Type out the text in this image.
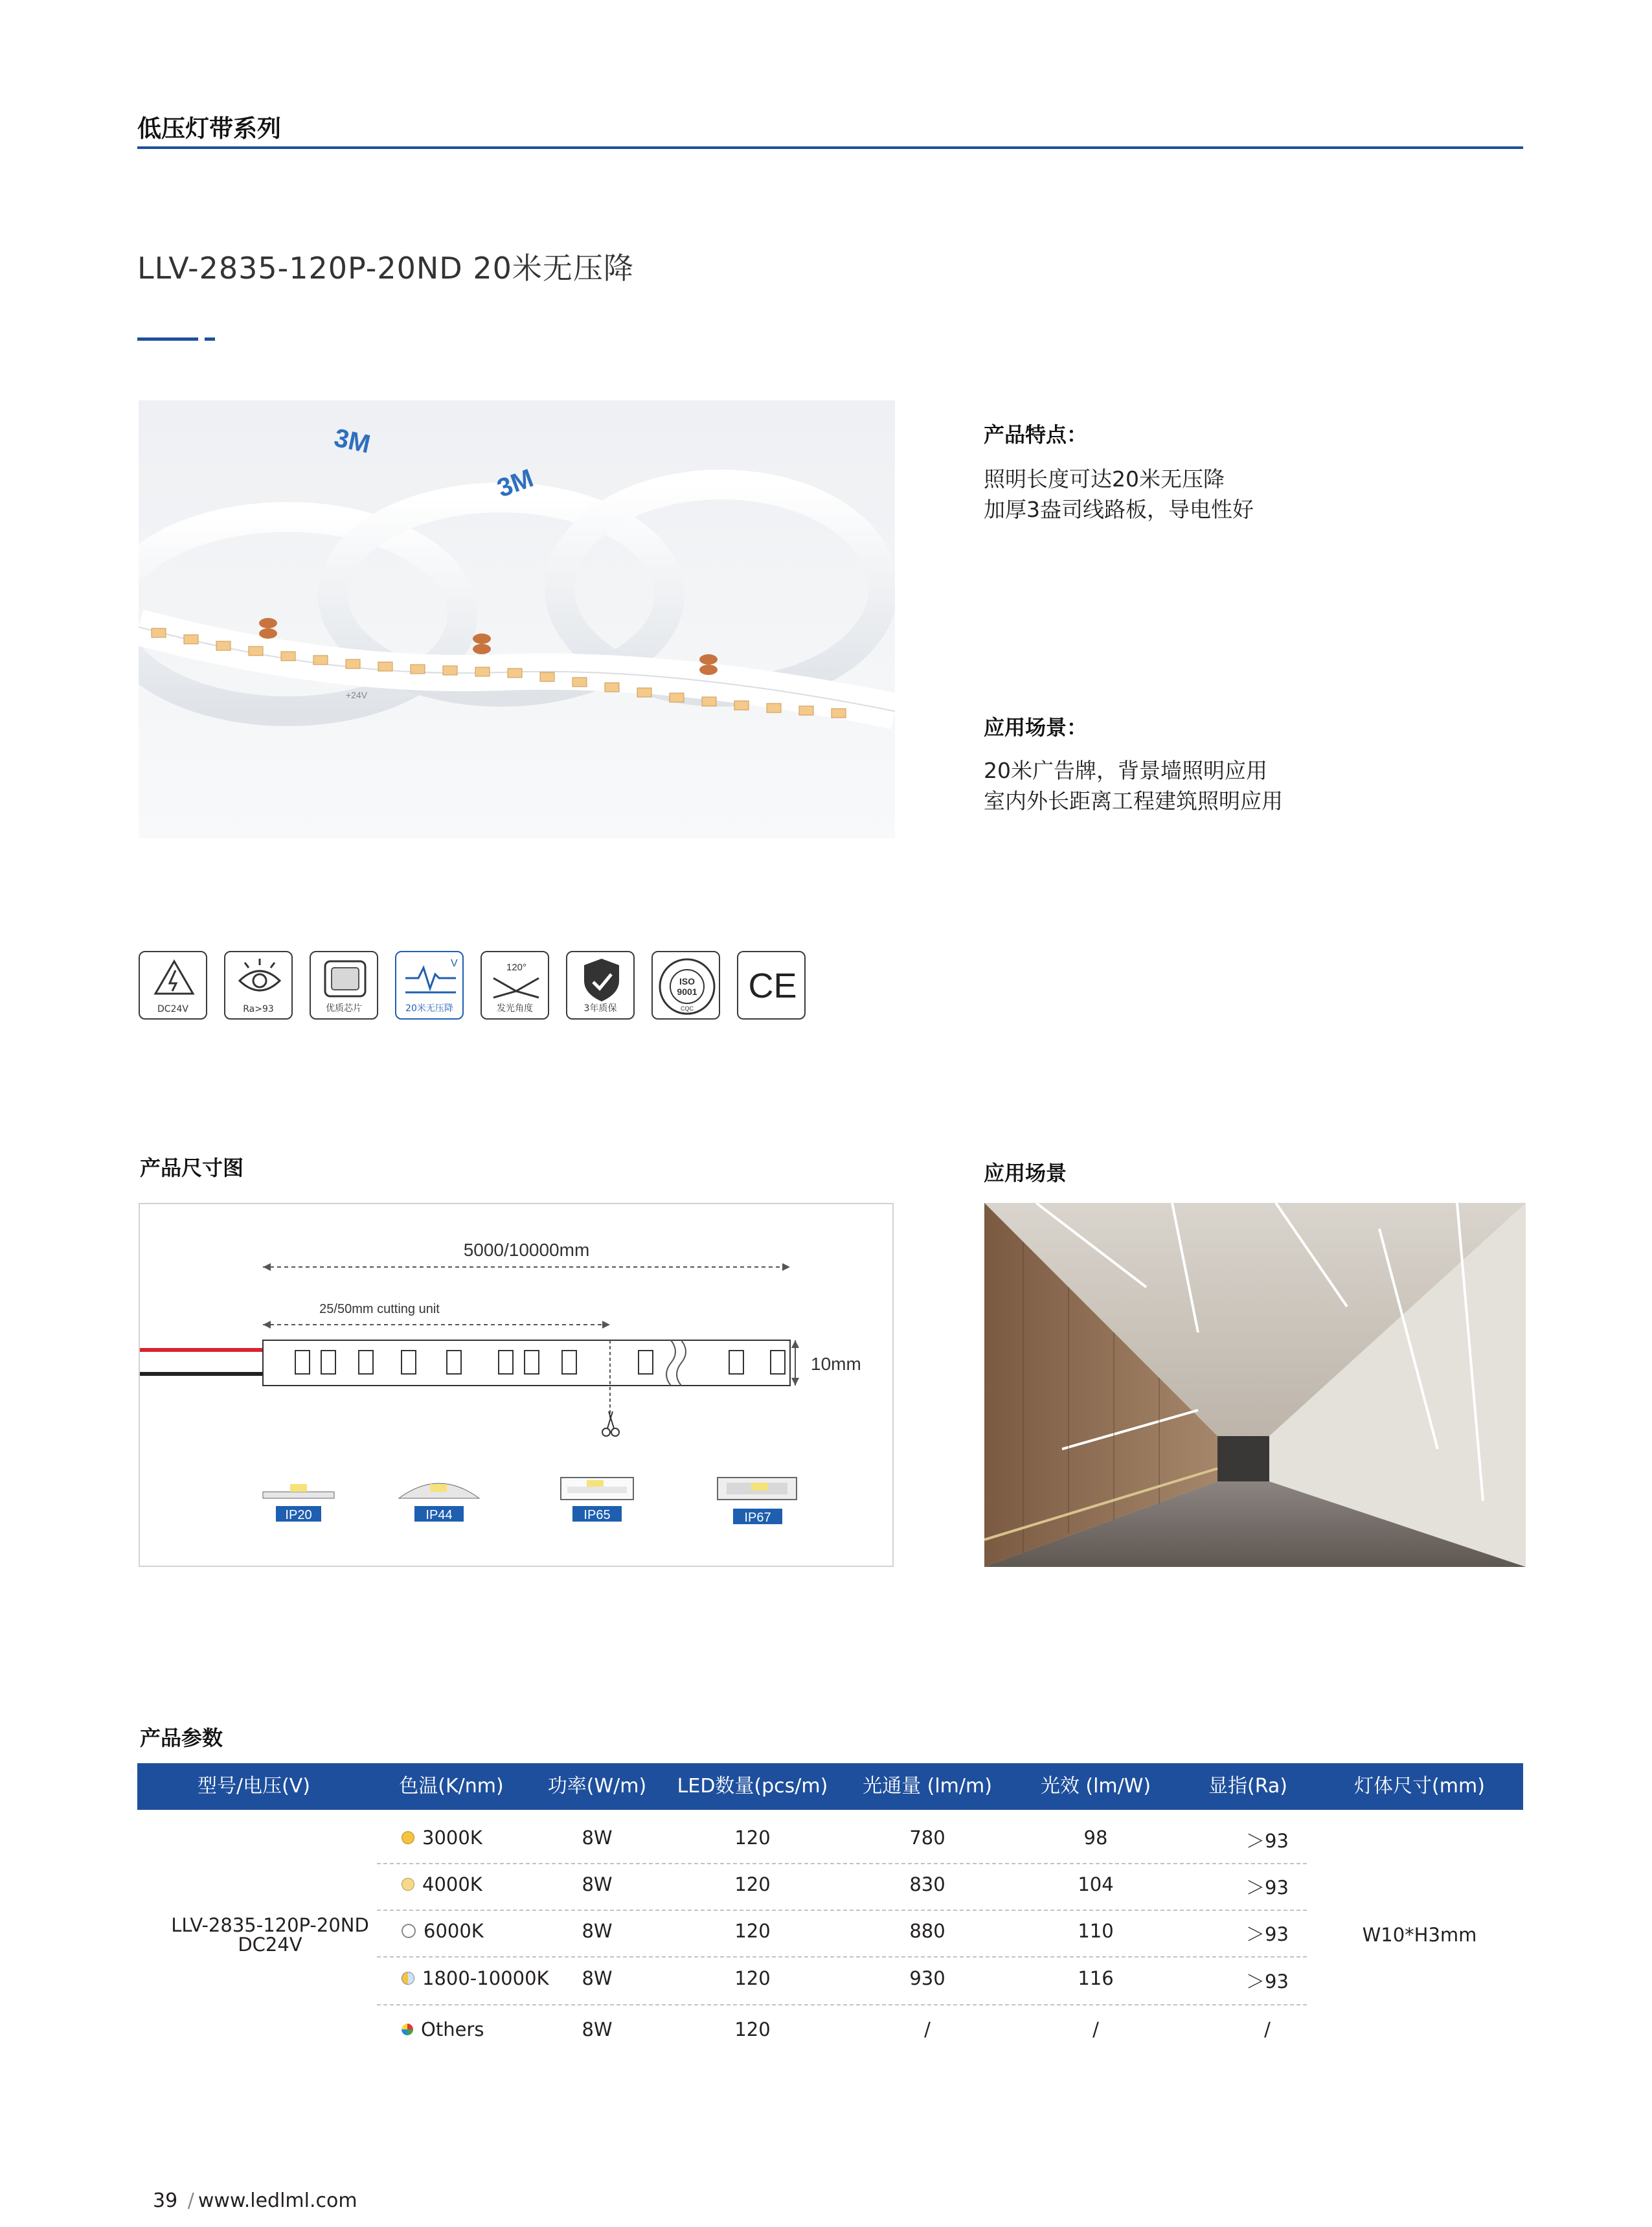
低压灯带系列
LLV-2835-120P-20ND 20米无压降
3M
3M
+24V
产品特点：
照明长度可达20米无压降
加厚3盎司线路板，导电性好
应用场景：
20米广告牌，背景墙照明应用
室内外长距离工程建筑照明应用
DC24V	Ra>93	优质芯片
V
20米无压降
120°
发光角度	3年质保
ISO
9001
CQC
CE
产品尺寸图	应用场景
5000/10000mm
25/50mm cutting unit
10mm
IP20	IP44	IP65	IP67
产品参数
型号/电压(V)	色温(K/nm)	功率(W/m)	LED数量(pcs/m)	光通量 (lm/m)	光效 (lm/W)	显指(Ra)	灯体尺寸(mm)
LLV-2835-120P-20ND
DC24V	W10*H3mm
3000K	8W	120	780	98	＞93
4000K	8W	120	830	104	＞93
6000K	8W	120	880	110	＞93
1800-10000K	8W	120	930	116	＞93
Others	8W	120	/	/	/
39 / www.ledlml.com
